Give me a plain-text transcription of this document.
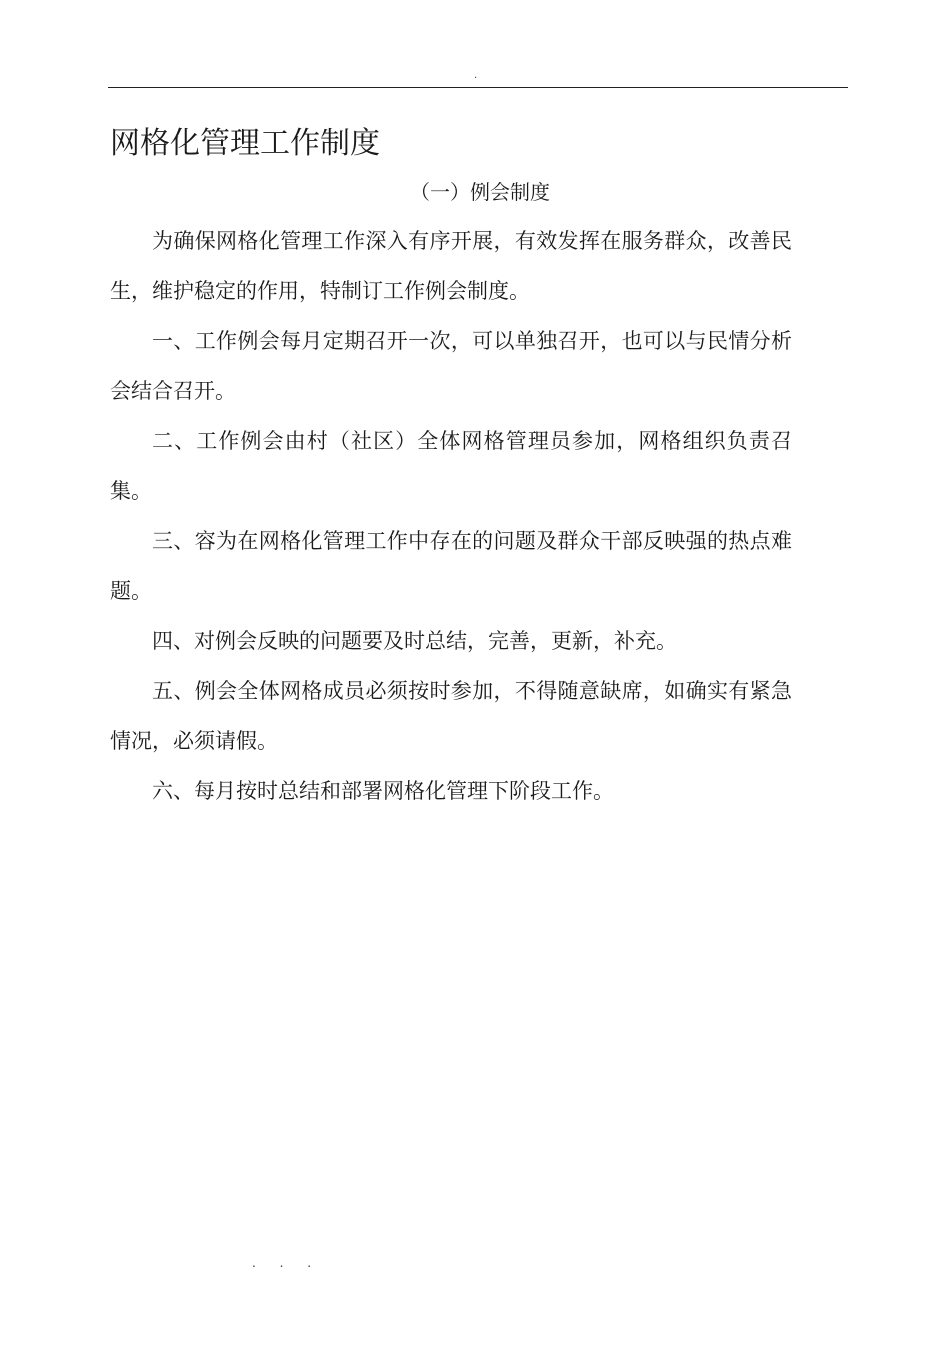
.
网格化管理工作制度
（一）例会制度

为确保网格化管理工作深入有序开展，有效发挥在服务群众，改善民生，维护稳定的作用，特制订工作例会制度。

一、工作例会每月定期召开一次，可以单独召开，也可以与民情分析会结合召开。

二、工作例会由村（社区）全体网格管理员参加，网格组织负责召集。

三、容为在网格化管理工作中存在的问题及群众干部反映强的热点难题。

四、对例会反映的问题要及时总结，完善，更新，补充。

五、例会全体网格成员必须按时参加，不得随意缺席，如确实有紧急情况，必须请假。

六、每月按时总结和部署网格化管理下阶段工作。

. . .
